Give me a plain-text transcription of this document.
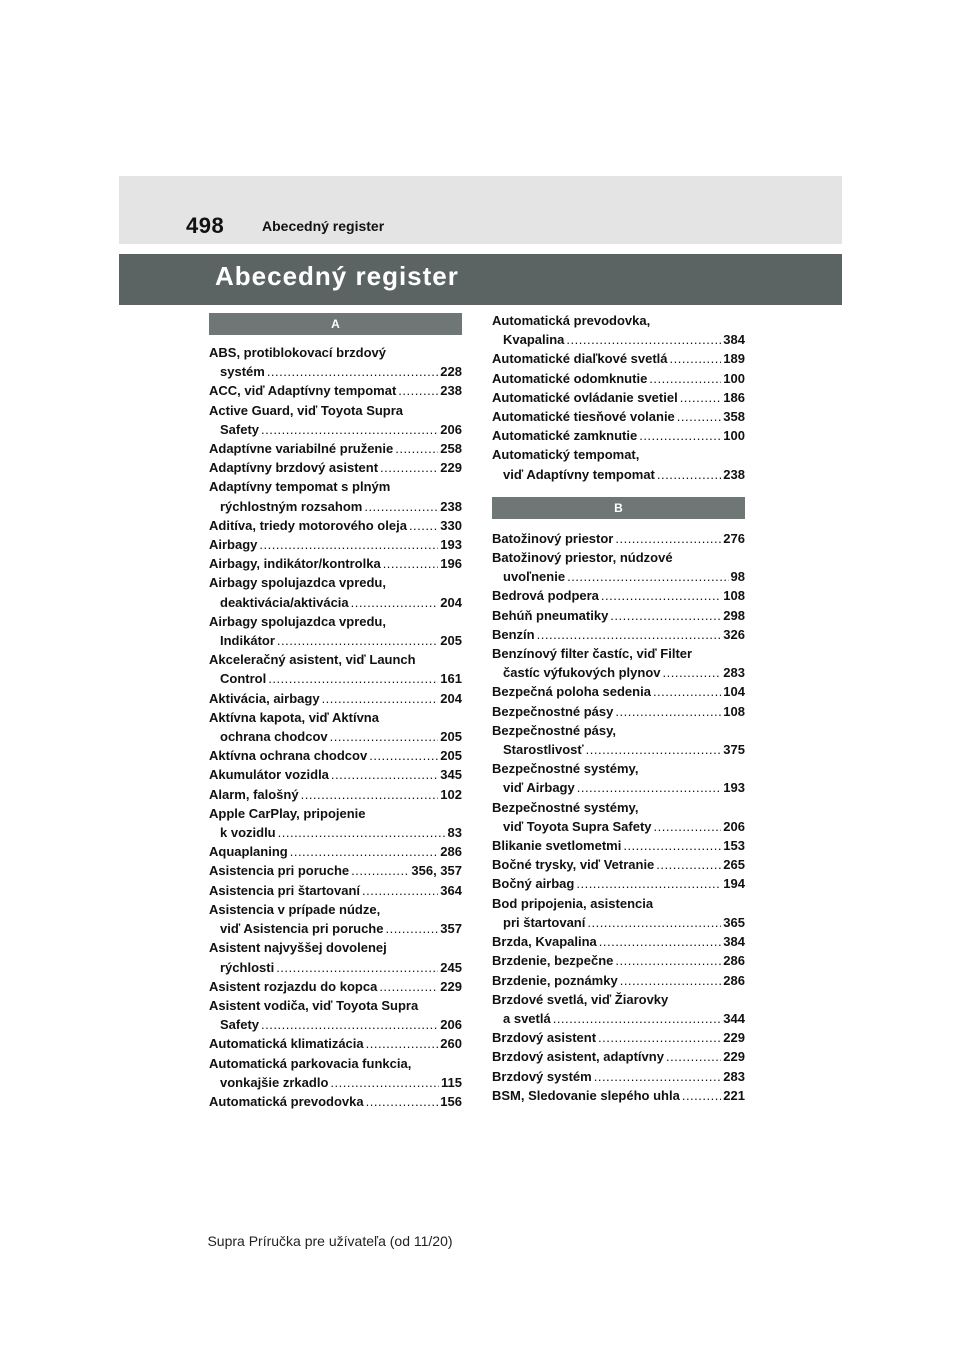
498	Abecedný register
Abecedný register
A
ABS, protiblokovací brzdový
systém .....	228
ACC, viď Adaptívny tempomat .....	238
Active Guard, viď Toyota Supra
Safety .....	206
Adaptívne variabilné pruženie .....	258
Adaptívny brzdový asistent .....	229
Adaptívny tempomat s plným
rýchlostným rozsahom .....	238
Aditíva, triedy motorového oleja .....	330
Airbagy .....	193
Airbagy, indikátor/kontrolka .....	196
Airbagy spolujazdca vpredu,
deaktivácia/aktivácia .....	204
Airbagy spolujazdca vpredu,
Indikátor .....	205
Akceleračný asistent, viď Launch
Control .....	161
Aktivácia, airbagy .....	204
Aktívna kapota, viď Aktívna
ochrana chodcov .....	205
Aktívna ochrana chodcov .....	205
Akumulátor vozidla .....	345
Alarm, falošný .....	102
Apple CarPlay, pripojenie
k vozidlu .....	83
Aquaplaning .....	286
Asistencia pri poruche .....	356, 357
Asistencia pri štartovaní .....	364
Asistencia v prípade núdze,
viď Asistencia pri poruche .....	357
Asistent najvyššej dovolenej
rýchlosti .....	245
Asistent rozjazdu do kopca .....	229
Asistent vodiča, viď Toyota Supra
Safety .....	206
Automatická klimatizácia .....	260
Automatická parkovacia funkcia,
vonkajšie zrkadlo .....	115
Automatická prevodovka .....	156
Automatická prevodovka,
Kvapalina .....	384
Automatické diaľkové svetlá .....	189
Automatické odomknutie .....	100
Automatické ovládanie svetiel .....	186
Automatické tiesňové volanie .....	358
Automatické zamknutie .....	100
Automatický tempomat,
viď Adaptívny tempomat .....	238
B
Batožinový priestor .....	276
Batožinový priestor, núdzové
uvoľnenie .....	98
Bedrová podpera .....	108
Behúň pneumatiky .....	298
Benzín .....	326
Benzínový filter častíc, viď Filter
častíc výfukových plynov .....	283
Bezpečná poloha sedenia .....	104
Bezpečnostné pásy .....	108
Bezpečnostné pásy,
Starostlivosť .....	375
Bezpečnostné systémy,
viď Airbagy .....	193
Bezpečnostné systémy,
viď Toyota Supra Safety .....	206
Blikanie svetlometmi .....	153
Bočné trysky, viď Vetranie .....	265
Bočný airbag .....	194
Bod pripojenia, asistencia
pri štartovaní .....	365
Brzda, Kvapalina .....	384
Brzdenie, bezpečne .....	286
Brzdenie, poznámky .....	286
Brzdové svetlá, viď Žiarovky
a svetlá .....	344
Brzdový asistent .....	229
Brzdový asistent, adaptívny .....	229
Brzdový systém .....	283
BSM, Sledovanie slepého uhla .....	221
Supra Príručka pre užívateľa (od 11/20)
